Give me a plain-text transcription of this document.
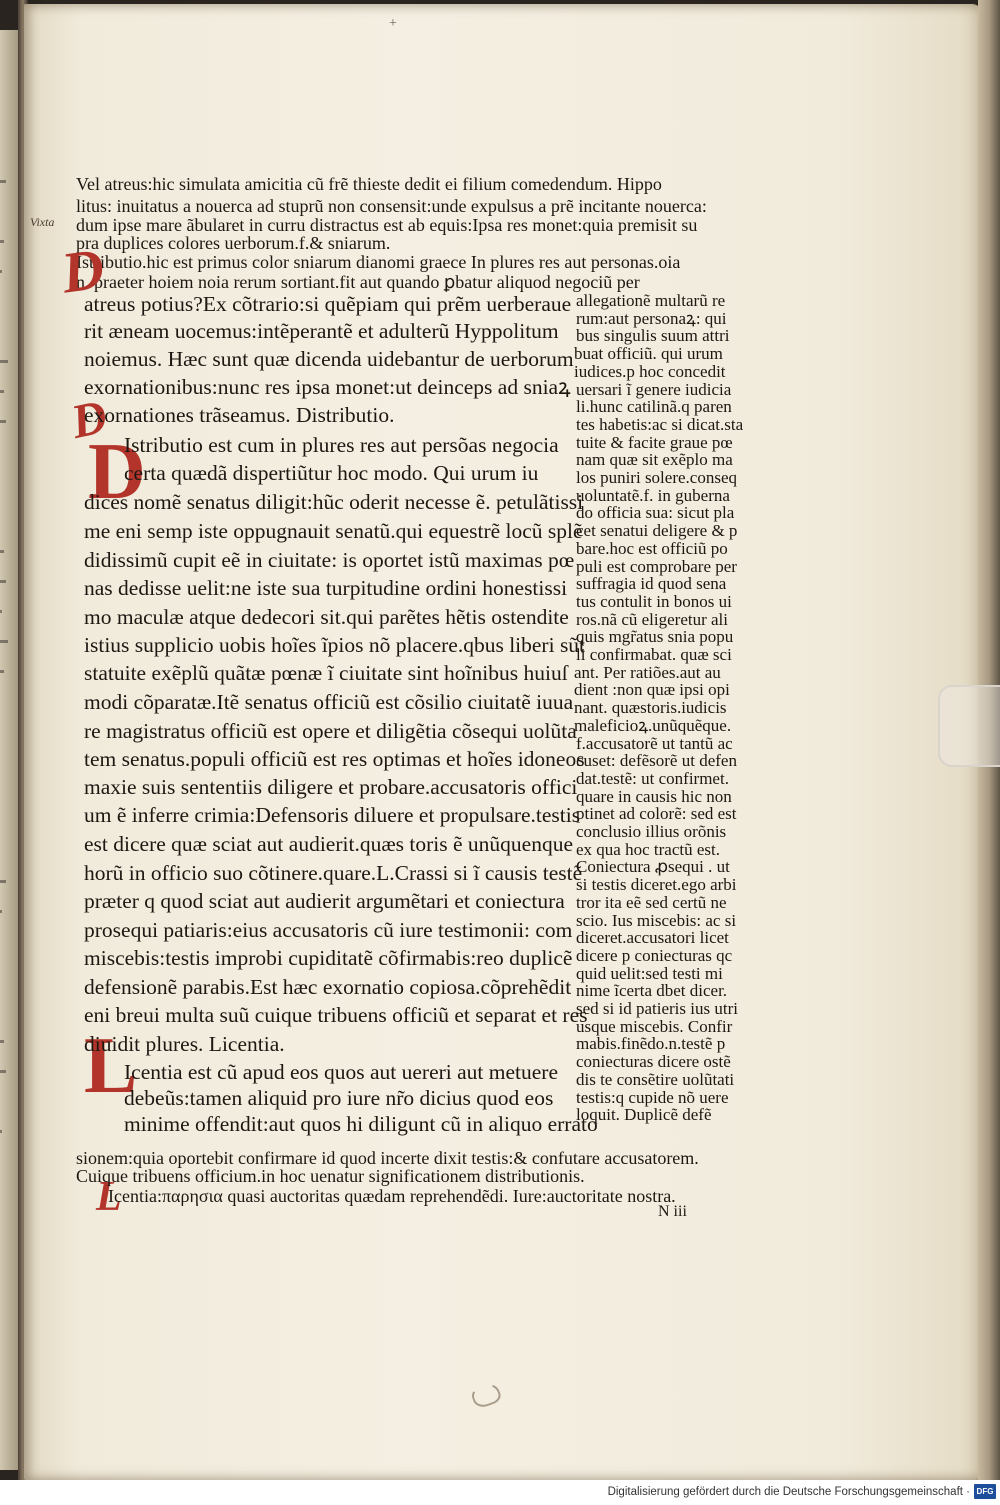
+
Vel atreus:hic simulata amicitia cũ frẽ thieste dedit ei filium comedendum. Hippo
litus: inuitatus a nouerca ad stuprũ non consensit:unde expulsus a prẽ incitante nouerca:
dum ipse mare ãbularet in curru distractus est ab equis:Ipsa res monet:quia premisit su
pra duplices colores uerborum.f.& sniarum.
Istributio.hic est primus color sniarum dianomi graece In plures res aut personas.oia
n. praeter hoiem noia rerum sortiant.fit aut quando ꝑbatur aliquod negociũ per
Vixta
D
D
D
L
L
atreus potius?Ex cõtrario:si quẽpiam qui prẽm uerberaue
rit æneam uocemus:intẽperantẽ et adulterũ Hyppolitum
noiemus. Hæc sunt quæ dicenda uidebantur de uerborum
exornationibus:nunc res ipsa monet:ut deinceps ad sniaꝝ
exornationes trãseamus. Distributio.
Istributio est cum in plures res aut persõas negocia
certa quædã dispertiũtur hoc modo. Qui urum iu
dices nomẽ senatus diligit:hũc oderit necesse ẽ. petulãtissi
me eni semp iste oppugnauit senatũ.qui equestrẽ locũ splẽ
didissimũ cupit eẽ in ciuitate: is oportet istũ maximas pœ
nas dedisse uelit:ne iste sua turpitudine ordini honestissi
mo maculæ atque dedecori sit.qui parẽtes hẽtis ostendite
istius supplicio uobis hoĩes ĩpios nõ placere.qbus liberi sũt
statuite exẽplũ quãtæ pœnæ ĩ ciuitate sint hoĩnibus huiuſ
modi cõparatæ.Itẽ senatus officiũ est cõsilio ciuitatẽ iuua
re magistratus officiũ est opere et diligẽtia cõsequi uolũta
tem senatus.populi officiũ est res optimas et hoĩes idoneos
maxie suis sententiis diligere et probare.accusatoris offici
um ẽ inferre crimia:Defensoris diluere et propulsare.testis
est dicere quæ sciat aut audierit.quæs toris ẽ unũquenque
horũ in officio suo cõtinere.quare.L.Crassi si ĩ causis testẽ
præter q quod sciat aut audierit argumẽtari et coniectura
prosequi patiaris:eius accusatoris cũ iure testimonii: com
miscebis:testis improbi cupiditatẽ cõfirmabis:reo duplicẽ
defensionẽ parabis.Est hæc exornatio copiosa.cõprehẽdit
eni breui multa suũ cuique tribuens officiũ et separat et res
diuidit plures. Licentia.
Icentia est cũ apud eos quos aut uereri aut metuere
debeũs:tamen aliquid pro iure nr̃o dicius quod eos
minime offendit:aut quos hi diligunt cũ in aliquo errato
allegationẽ multarũ re
rum:aut personaꝝ: qui
bus singulis suum attri
buat officiũ. qui urum
iudices.p hoc concedit
uersari ĩ genere iudicia
li.hunc catilinã.q paren
tes habetis:ac si dicat.sta
tuite & facite graue pœ
nam quæ sit exẽplo ma
los puniri solere.conseq
uoluntatẽ.f. in guberna
do officia sua: sicut pla
cet senatui deligere & p
bare.hoc est officiũ po
puli est comprobare per
suffragia id quod sena
tus contulit in bonos ui
ros.nã cũ eligeretur ali
quis mgr̃atus snia popu
li confirmabat. quæ sci
ant. Per ratiões.aut au
dient :non quæ ipsi opi
nant. quæstoris.iudicis
maleficioꝝ.unũquẽque.
f.accusatorẽ ut tantũ ac
cuset: defẽsorẽ ut defen
dat.testẽ: ut confirmet.
quare in causis hic non
ptinet ad colorẽ: sed est
conclusio illius orõnis
ex qua hoc tractũ est.
Coniectura ꝓsequi . ut
si testis diceret.ego arbi
tror ita eẽ sed certũ ne
scio. Ius miscebis: ac si
diceret.accusatori licet
dicere p coniecturas qc
quid uelit:sed testi mi
nime ĩcerta dbet dicer.
sed si id patieris ius utri
usque miscebis. Confir
mabis.finẽdo.n.testẽ p
coniecturas dicere ostẽ
dis te consẽtire uolũtati
testis:q cupide nõ uere
loquit. Duplicẽ defẽ
sionem:quia oportebit confirmare id quod incerte dixit testis:& confutare accusatorem.
Cuique tribuens officium.in hoc uenatur significationem distributionis.
Icentia:παρησια quasi auctoritas quædam reprehendẽdi. Iure:auctoritate nostra.
N iii
Digitalisierung gefördert durch die Deutsche Forschungsgemeinschaft · DFG
